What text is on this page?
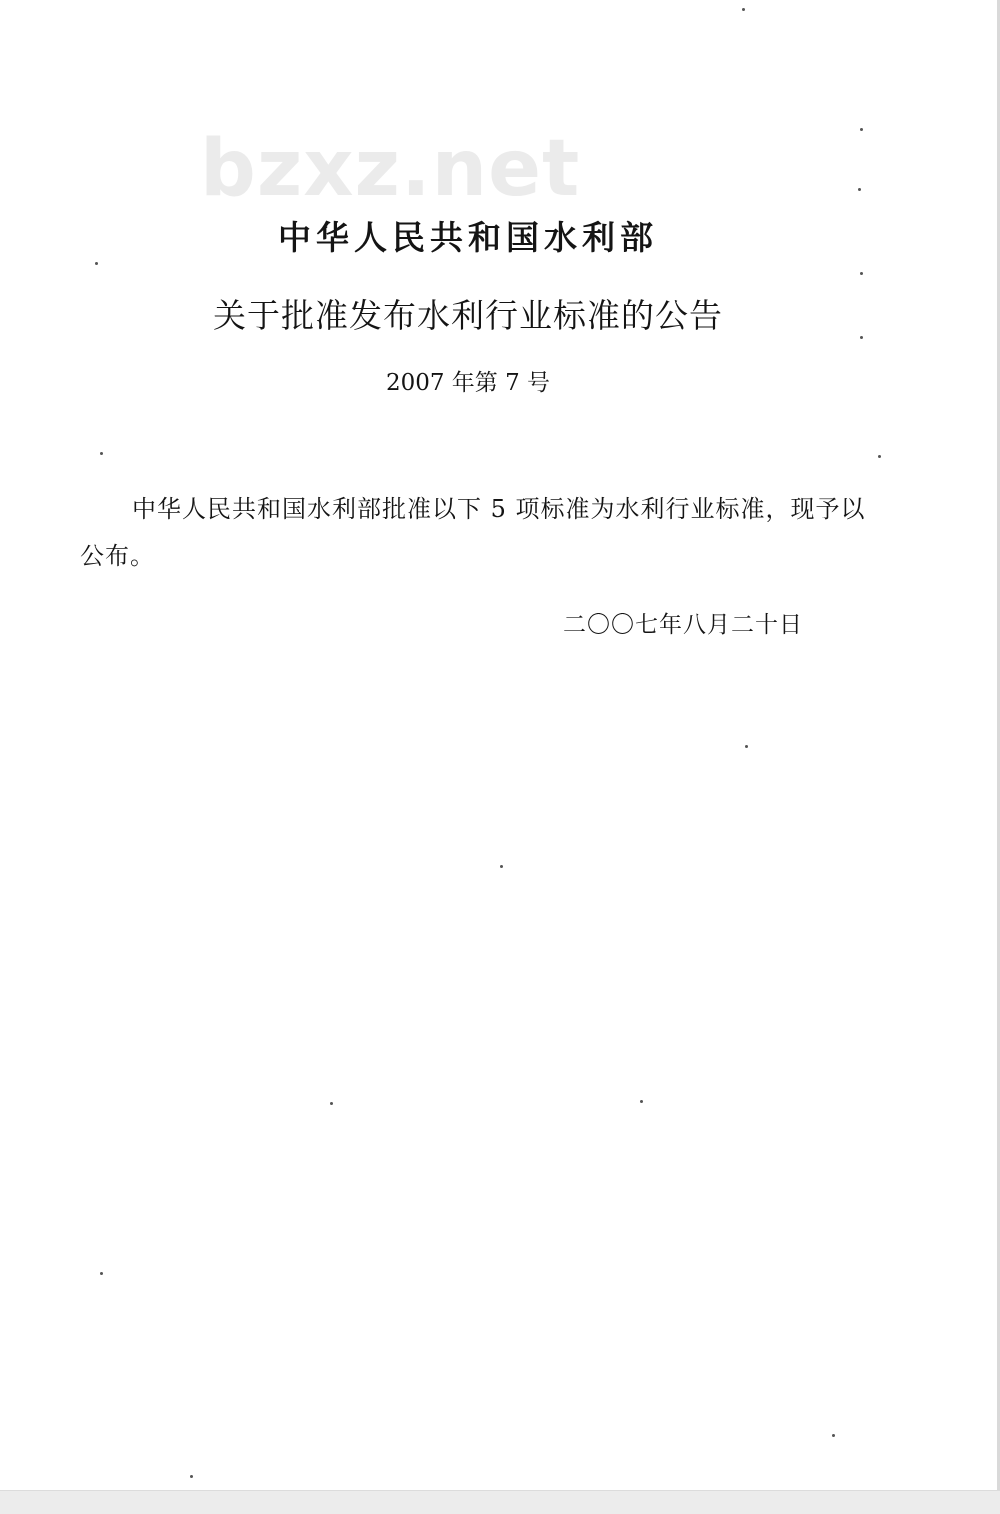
bzxz.net
中华人民共和国水利部
关于批准发布水利行业标准的公告
2007 年第 7 号
中华人民共和国水利部批准以下 5 项标准为水利行业标准，现予以公布。
二〇〇七年八月二十日
